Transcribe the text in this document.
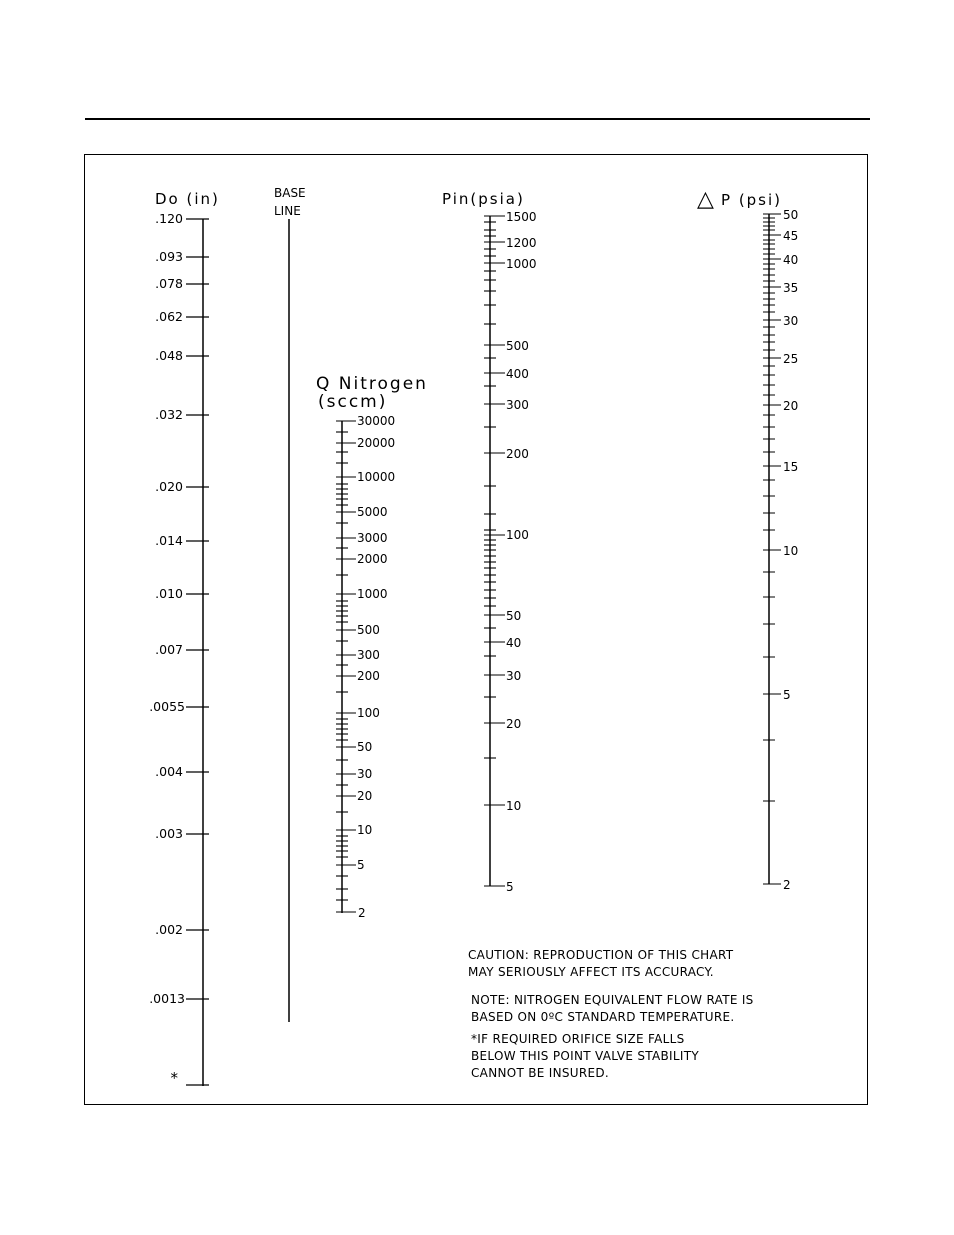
Do (in)
.120
.093
.078
.062
.048
.032
.020
.014
.010
.007
.0055
.004
.003
.002
.0013
*
BASE
LINE
Q Nitrogen
(sccm)
30000
20000
10000
5000
3000
2000
1000
500
300
200
100
50
30
20
10
5
2
Pin(psia)
1500
1200
1000
500
400
300
200
100
50
40
30
20
10
5
△ P (psi)
50
45
40
35
30
25
20
15
10
5
2
CAUTION: REPRODUCTION OF THIS CHART
MAY SERIOUSLY AFFECT ITS ACCURACY.
NOTE: NITROGEN EQUIVALENT FLOW RATE IS
BASED ON 0ºC STANDARD TEMPERATURE.
*IF REQUIRED ORIFICE SIZE FALLS
BELOW THIS POINT VALVE STABILITY
CANNOT BE INSURED.
